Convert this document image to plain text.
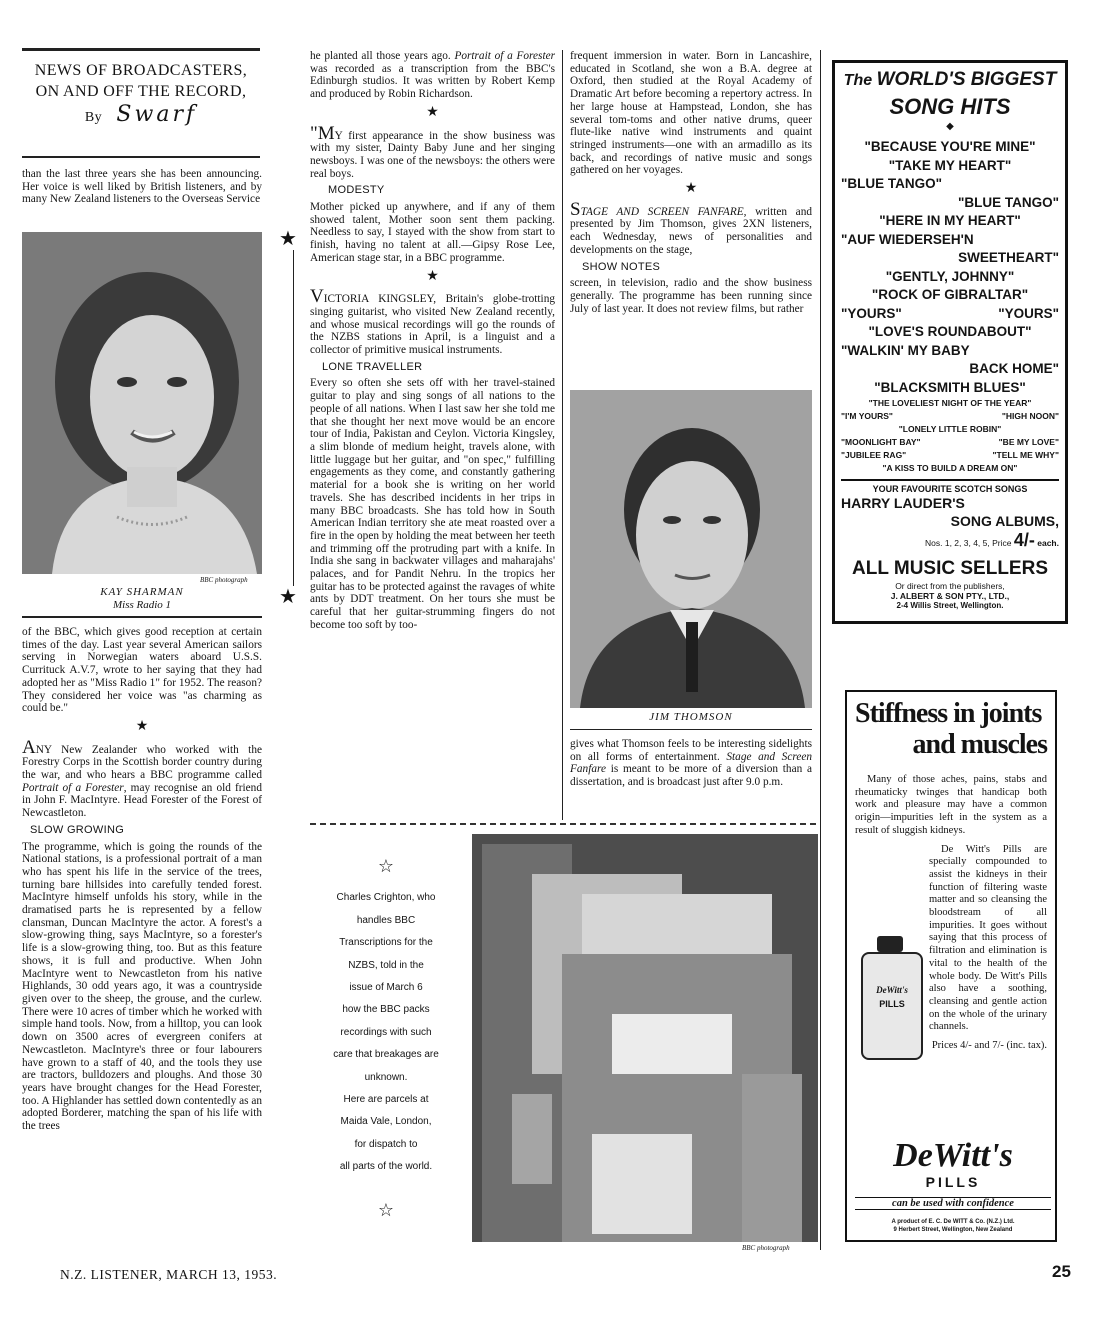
NEWS OF BROADCASTERS,
ON AND OFF THE RECORD,
By Swarf

than the last three years she has been announcing. Her voice is well liked by British listeners, and by many New Zealand listeners to the Overseas Service

BBC photograph
KAY SHARMAN
Miss Radio 1

of the BBC, which gives good reception at certain times of the day. Last year several American sailors serving in Norwegian waters aboard U.S.S. Currituck A.V.7, wrote to her saying that they had adopted her as "Miss Radio 1" for 1952. The reason? They considered her voice was "as charming as could be."

★

ANY New Zealander who worked with the Forestry Corps in the Scottish border country during the war, and who hears a BBC programme called Portrait of a Forester, may recognise an old friend in John F. MacIntyre. Head Forester of the Forest of Newcastleton.

SLOW GROWING

The programme, which is going the rounds of the National stations, is a professional portrait of a man who has spent his life in the service of the trees, turning bare hillsides into carefully tended forest. MacIntyre himself unfolds his story, while in the dramatised parts he is represented by a fellow clansman, Duncan MacIntyre the actor. A forest's a slow-growing thing, says MacIntyre, so a forester's life is a slow-growing thing, too. But as this feature shows, it is full and productive. When John MacIntyre went to Newcastleton from his native Highlands, 30 odd years ago, it was a countryside given over to the sheep, the grouse, and the curlew. There were 10 acres of timber which he worked with simple hand tools. Now, from a hilltop, you can look down on 3500 acres of evergreen conifers at Newcastleton. MacIntyre's three or four labourers have grown to a staff of 40, and the tools they use are tractors, bulldozers and ploughs. And those 30 years have brought changes for the Head Forester, too. A Highlander has settled down contentedly as an adopted Borderer, matching the span of his life with the trees

★
★

he planted all those years ago. Portrait of a Forester was recorded as a transcription from the BBC's Edinburgh studios. It was written by Robert Kemp and produced by Robin Richardson.

★

"MY first appearance in the show business was with my sister, Dainty Baby June and her singing newsboys. I was one of the newsboys: the others were real boys.

MODESTY

Mother picked up anywhere, and if any of them showed talent, Mother soon sent them packing. Needless to say, I stayed with the show from start to finish, having no talent at all.—Gipsy Rose Lee, American stage star, in a BBC programme.

★

VICTORIA KINGSLEY, Britain's globe-trotting singing guitarist, who visited New Zealand recently, and whose musical recordings will go the rounds of the NZBS stations in April, is a linguist and a collector of primitive musical instruments.

LONE TRAVELLER

Every so often she sets off with her travel-stained guitar to play and sing songs of all nations to the people of all nations. When I last saw her she told me that she thought her next move would be an encore tour of India, Pakistan and Ceylon. Victoria Kingsley, a slim blonde of medium height, travels alone, with little luggage but her guitar, and "on spec," fulfilling engagements as they come, and constantly gathering material for a book she is writing on her world travels. She has described incidents in her trips in many BBC broadcasts. She has told how in South American Indian territory she ate meat roasted over a fire in the open by holding the meat between her teeth and trimming off the protruding part with a knife. In India she sang in backwater villages and maharajahs' palaces, and for Pandit Nehru. In the tropics her guitar has to be protected against the ravages of white ants by DDT treatment. On her tours she must be careful that her guitar-strumming fingers do not become too soft by too-

frequent immersion in water. Born in Lancashire, educated in Scotland, she won a B.A. degree at Oxford, then studied at the Royal Academy of Dramatic Art before becoming a repertory actress. In her large house at Hampstead, London, she has several tom-toms and other native drums, queer flute-like native wind instruments and quaint stringed instruments—one with an armadillo as its back, and recordings of native music and songs gathered on her voyages.

★

STAGE AND SCREEN FANFARE, written and presented by Jim Thomson, gives 2XN listeners, each Wednesday, news of personalities and developments on the stage,

SHOW NOTES

screen, in television, radio and the show business generally. The programme has been running since July of last year. It does not review films, but rather

JIM THOMSON

gives what Thomson feels to be interesting sidelights on all forms of entertainment. Stage and Screen Fanfare is meant to be more of a diversion than a dissertation, and is broadcast just after 9.0 p.m.

☆
Charles Crighton, who
handles BBC
Transcriptions for the
NZBS, told in the
issue of March 6
how the BBC packs
recordings with such
care that breakages are
unknown.
Here are parcels at
Maida Vale, London,
for dispatch to
all parts of the world.
☆
BBC photograph
The WORLD'S BIGGEST
SONG HITS
◆
"BECAUSE YOU'RE MINE"
"TAKE MY HEART"
"BLUE TANGO"
"BLUE TANGO"
"HERE IN MY HEART"
"AUF WIEDERSEH'N
SWEETHEART"
"GENTLY, JOHNNY"
"ROCK OF GIBRALTAR"
"YOURS"	"YOURS"
"LOVE'S ROUNDABOUT"
"WALKIN' MY BABY
BACK HOME"
"BLACKSMITH BLUES"
"THE LOVELIEST NIGHT OF THE YEAR"
"I'M YOURS"	"HIGH NOON"
"LONELY LITTLE ROBIN"
"MOONLIGHT BAY"	"BE MY LOVE"
"JUBILEE RAG"	"TELL ME WHY"
"A KISS TO BUILD A DREAM ON"
YOUR FAVOURITE SCOTCH SONGS
HARRY LAUDER'S
SONG ALBUMS,
Nos. 1, 2, 3, 4, 5, Price 4/- each.
ALL MUSIC SELLERS
Or direct from the publishers,
J. ALBERT & SON PTY., LTD.,
2-4 Willis Street, Wellington.
Stiffness in joints
and muscles

Many of those aches, pains, stabs and rheumaticky twinges that handicap both work and pleasure may have a common origin—impurities left in the system as a result of sluggish kidneys.

DeWitt's
PILLS

De Witt's Pills are specially compounded to assist the kidneys in their function of filtering waste matter and so cleansing the bloodstream of all impurities. It goes without saying that this process of filtration and elimination is vital to the health of the whole body. De Witt's Pills also have a soothing, cleansing and gentle action on the whole of the urinary channels.

Prices 4/- and 7/- (inc. tax).

DeWitt's
PILLS
can be used with confidence
A product of E. C. De WITT & Co. (N.Z.) Ltd.
9 Herbert Street, Wellington, New Zealand
N.Z. LISTENER, MARCH 13, 1953.	25
